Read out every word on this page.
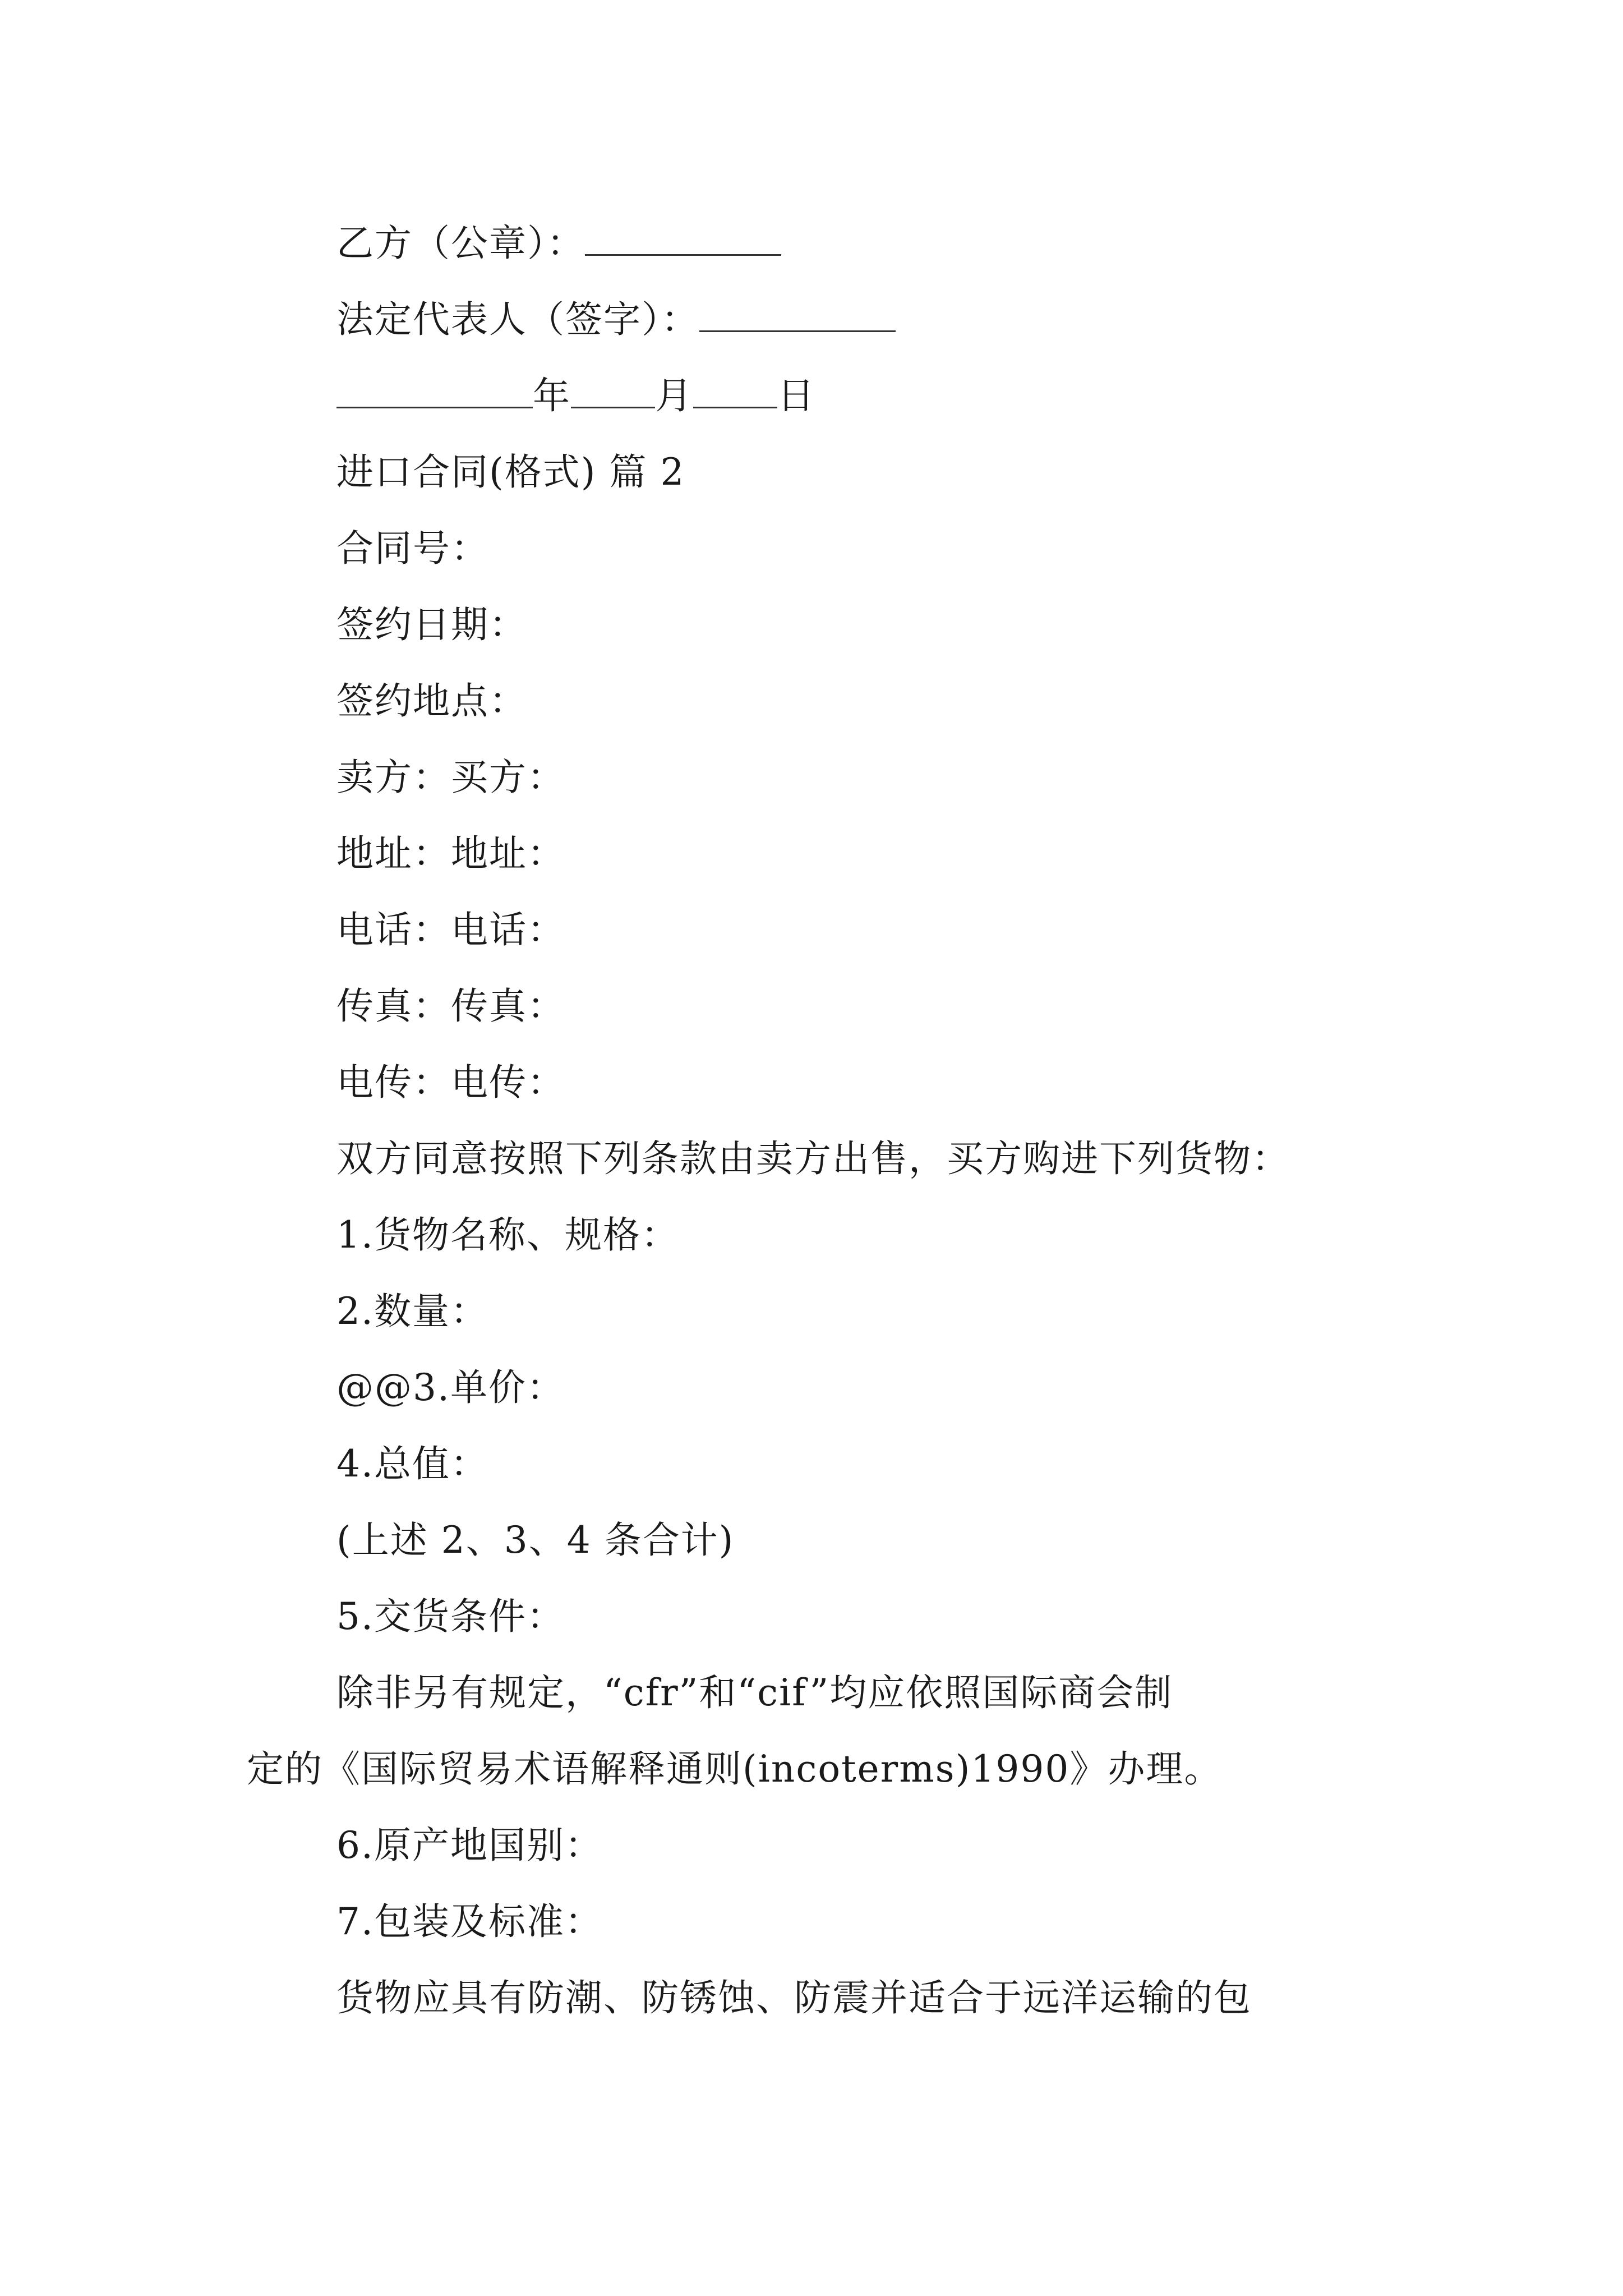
乙方（公章）：
法定代表人（签字）：
年 月 日
进口合同(格式) 篇 2
合同号：
签约日期：
签约地点：
卖方：买方：
地址：地址：
电话：电话：
传真：传真：
电传：电传：
双方同意按照下列条款由卖方出售，买方购进下列货物：
1.货物名称、规格：
2.数量：
@@3.单价：
4.总值：
(上述 2、3、4 条合计)
5.交货条件：
除非另有规定，“cfr”和“cif”均应依照国际商会制
定的《国际贸易术语解释通则(incoterms)1990》办理。
6.原产地国别：
7.包装及标准：
货物应具有防潮、防锈蚀、防震并适合于远洋运输的包
